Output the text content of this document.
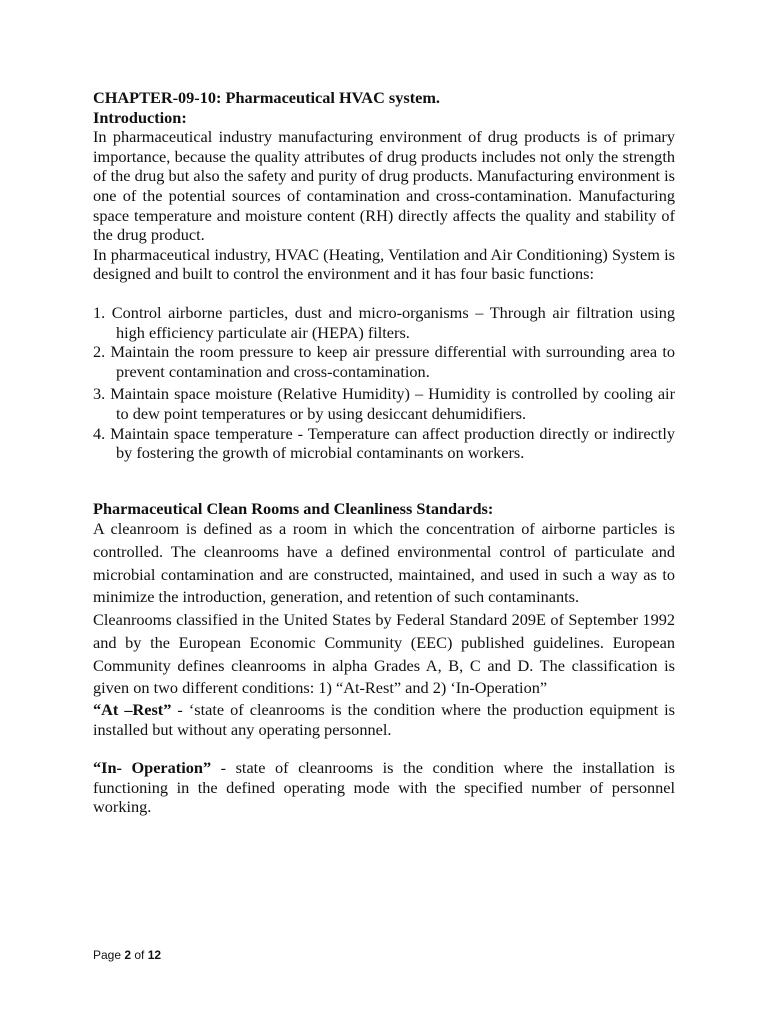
CHAPTER-09-10: Pharmaceutical HVAC system.

Introduction:

In pharmaceutical industry manufacturing environment of drug products is of primary importance, because the quality attributes of drug products includes not only the strength of the drug but also the safety and purity of drug products. Manufacturing environment is one of the potential sources of contamination and cross-contamination. Manufacturing space temperature and moisture content (RH) directly affects the quality and stability of the drug product.

In pharmaceutical industry, HVAC (Heating, Ventilation and Air Conditioning) System is designed and built to control the environment and it has four basic functions:

1. Control airborne particles, dust and micro-organisms – Through air filtration using high efficiency particulate air (HEPA) filters.
2. Maintain the room pressure to keep air pressure differential with surrounding area to prevent contamination and cross-contamination.
3. Maintain space moisture (Relative Humidity) – Humidity is controlled by cooling air to dew point temperatures or by using desiccant dehumidifiers.
4. Maintain space temperature - Temperature can affect production directly or indirectly by fostering the growth of microbial contaminants on workers.

Pharmaceutical Clean Rooms and Cleanliness Standards:

A cleanroom is defined as a room in which the concentration of airborne particles is controlled. The cleanrooms have a defined environmental control of particulate and microbial contamination and are constructed, maintained, and used in such a way as to minimize the introduction, generation, and retention of such contaminants.

Cleanrooms classified in the United States by Federal Standard 209E of September 1992 and by the European Economic Community (EEC) published guidelines. European Community defines cleanrooms in alpha Grades A, B, C and D. The classification is given on two different conditions: 1) “At-Rest” and 2) ‘In-Operation”

“At –Rest” - ‘state of cleanrooms is the condition where the production equipment is installed but without any operating personnel.

“In- Operation” - state of cleanrooms is the condition where the installation is functioning in the defined operating mode with the specified number of personnel working.

Page 2 of 12
